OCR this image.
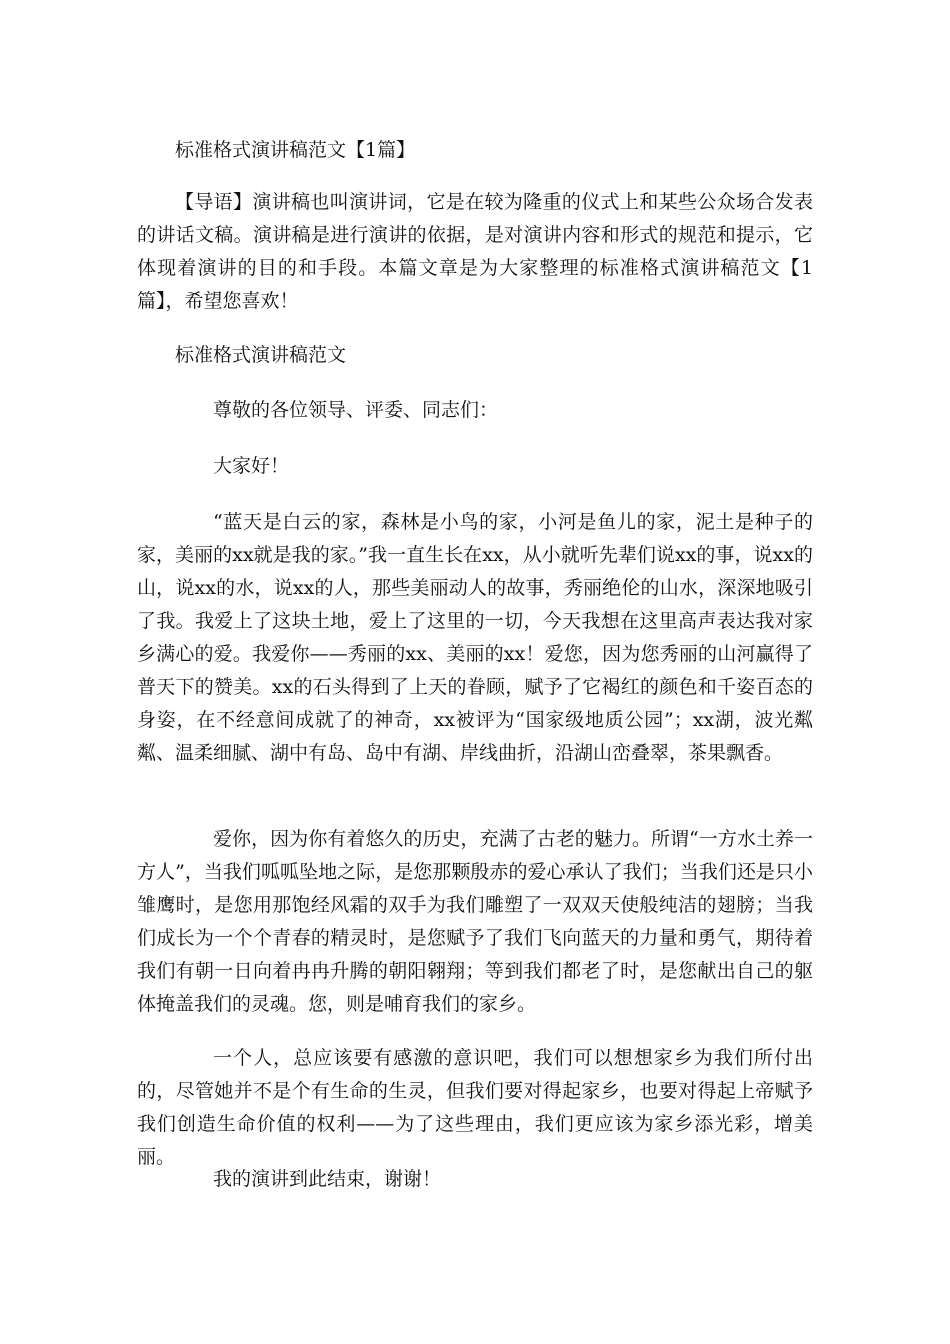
标准格式演讲稿范文【1篇】

【导语】演讲稿也叫演讲词，它是在较为隆重的仪式上和某些公众场合发表的讲话文稿。演讲稿是进行演讲的依据，是对演讲内容和形式的规范和提示，它体现着演讲的目的和手段。本篇文章是为大家整理的标准格式演讲稿范文【1篇】，希望您喜欢！

标准格式演讲稿范文

尊敬的各位领导、评委、同志们：

大家好！

“蓝天是白云的家，森林是小鸟的家，小河是鱼儿的家，泥土是种子的家，美丽的xx就是我的家。”我一直生长在xx，从小就听先辈们说xx的事，说xx的山，说xx的水，说xx的人，那些美丽动人的故事，秀丽绝伦的山水，深深地吸引了我。我爱上了这块土地，爱上了这里的一切，今天我想在这里高声表达我对家乡满心的爱。我爱你——秀丽的xx、美丽的xx！爱您，因为您秀丽的山河赢得了普天下的赞美。xx的石头得到了上天的眷顾，赋予了它褐红的颜色和千姿百态的身姿，在不经意间成就了的神奇，xx被评为“国家级地质公园”；xx湖，波光粼粼、温柔细腻、湖中有岛、岛中有湖、岸线曲折，沿湖山峦叠翠，茶果飘香。

爱你，因为你有着悠久的历史，充满了古老的魅力。所谓“一方水土养一方人”，当我们呱呱坠地之际，是您那颗殷赤的爱心承认了我们；当我们还是只小雏鹰时，是您用那饱经风霜的双手为我们雕塑了一双双天使般纯洁的翅膀；当我们成长为一个个青春的精灵时，是您赋予了我们飞向蓝天的力量和勇气，期待着我们有朝一日向着冉冉升腾的朝阳翱翔；等到我们都老了时，是您献出自己的躯体掩盖我们的灵魂。您，则是哺育我们的家乡。

一个人，总应该要有感激的意识吧，我们可以想想家乡为我们所付出的，尽管她并不是个有生命的生灵，但我们要对得起家乡，也要对得起上帝赋予我们创造生命价值的权利——为了这些理由，我们更应该为家乡添光彩，增美丽。

我的演讲到此结束，谢谢！
